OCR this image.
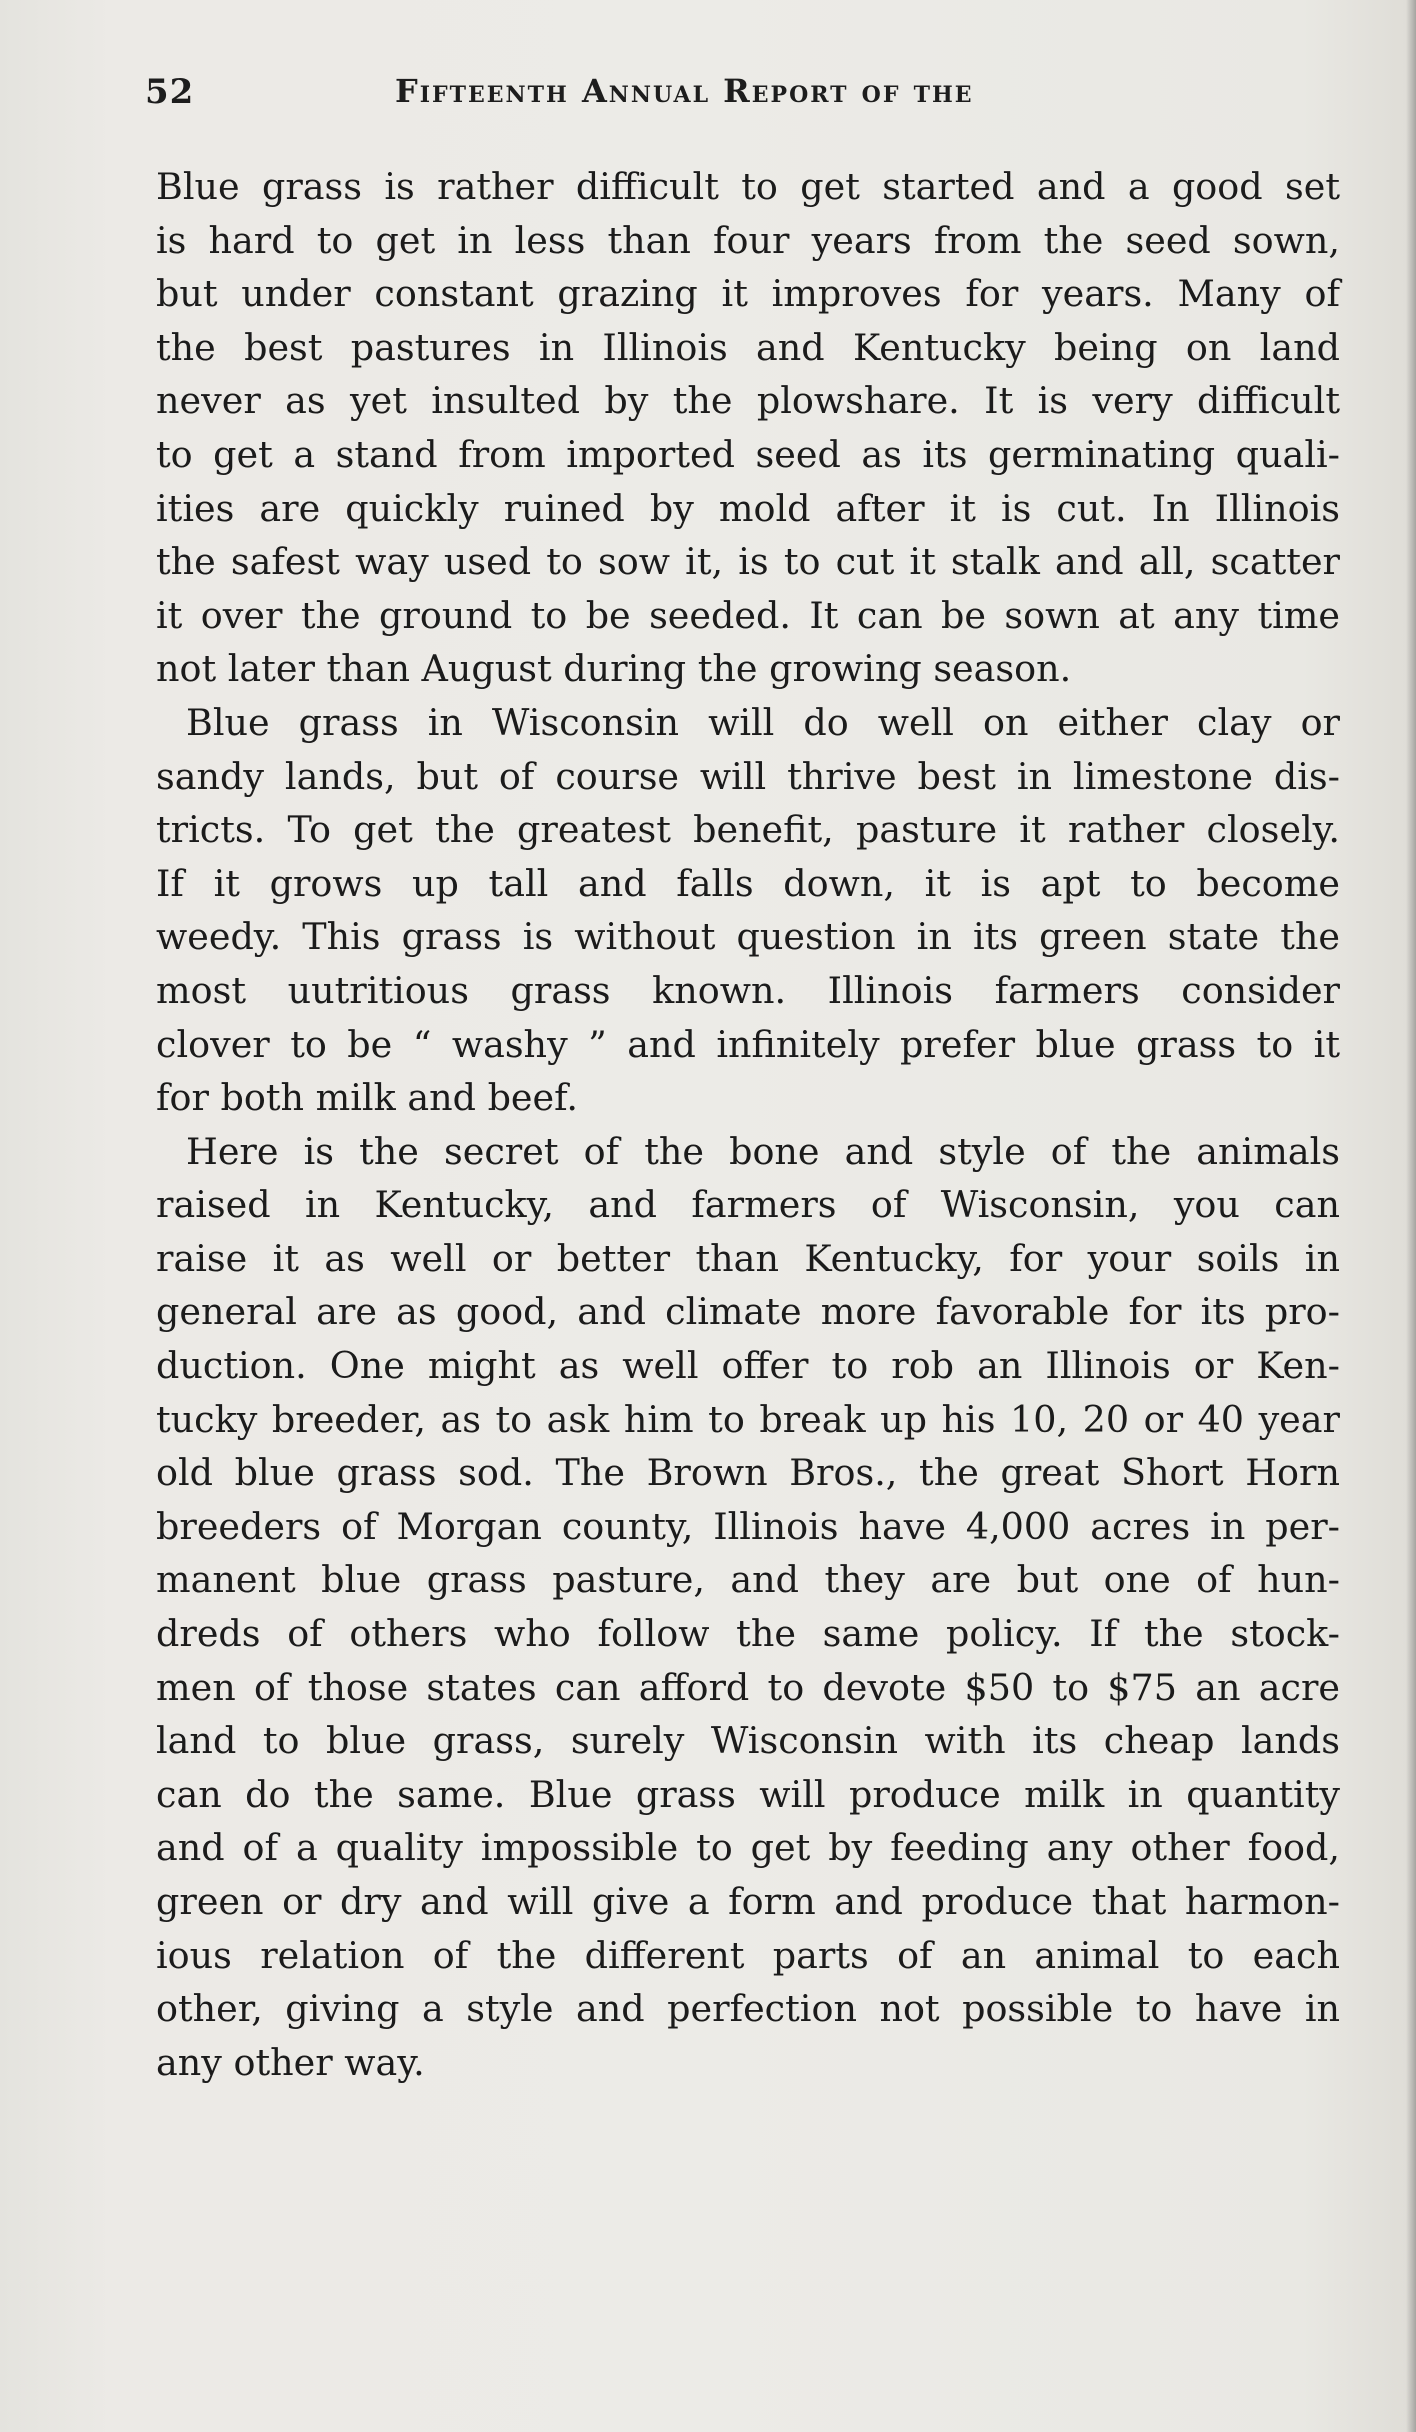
52	Fifteenth Annual Report of the
Blue grass is rather difficult to get started and a good set
is hard to get in less than four years from the seed sown,
but under constant grazing it improves for years. Many of
the best pastures in Illinois and Kentucky being on land
never as yet insulted by the plowshare. It is very difficult
to get a stand from imported seed as its germinating quali-
ities are quickly ruined by mold after it is cut. In Illinois
the safest way used to sow it, is to cut it stalk and all, scatter
it over the ground to be seeded. It can be sown at any time
not later than August during the growing season.
Blue grass in Wisconsin will do well on either clay or
sandy lands, but of course will thrive best in limestone dis-
tricts. To get the greatest benefit, pasture it rather closely.
If it grows up tall and falls down, it is apt to become
weedy. This grass is without question in its green state the
most uutritious grass known. Illinois farmers consider
clover to be “ washy ” and infinitely prefer blue grass to it
for both milk and beef.
Here is the secret of the bone and style of the animals
raised in Kentucky, and farmers of Wisconsin, you can
raise it as well or better than Kentucky, for your soils in
general are as good, and climate more favorable for its pro-
duction. One might as well offer to rob an Illinois or Ken-
tucky breeder, as to ask him to break up his 10, 20 or 40 year
old blue grass sod. The Brown Bros., the great Short Horn
breeders of Morgan county, Illinois have 4,000 acres in per-
manent blue grass pasture, and they are but one of hun-
dreds of others who follow the same policy. If the stock-
men of those states can afford to devote $50 to $75 an acre
land to blue grass, surely Wisconsin with its cheap lands
can do the same. Blue grass will produce milk in quantity
and of a quality impossible to get by feeding any other food,
green or dry and will give a form and produce that harmon-
ious relation of the different parts of an animal to each
other, giving a style and perfection not possible to have in
any other way.
